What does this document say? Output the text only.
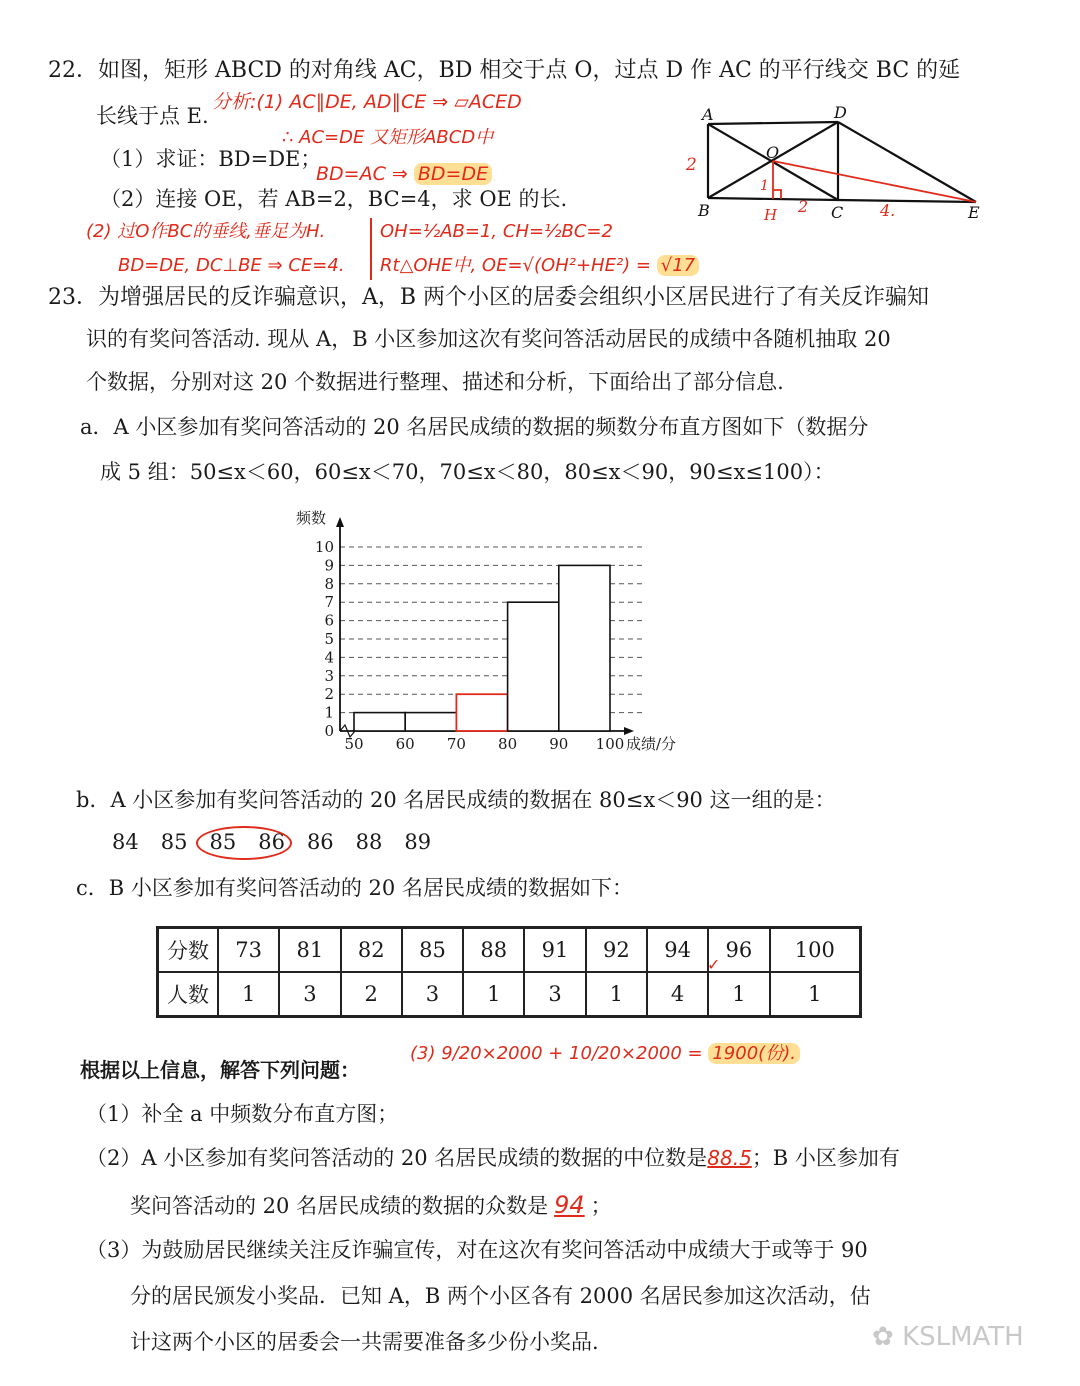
22．如图，矩形 ABCD 的对角线 AC，BD 相交于点 O，过点 D 作 AC 的平行线交 BC 的延
长线于点 E.
（1）求证：BD=DE；
（2）连接 OE，若 AB=2，BC=4，求 OE 的长.
分析:(1) AC∥DE, AD∥CE ⇒ ▱ACED
∴ AC=DE 又矩形ABCD中
BD=AC ⇒ BD=DE
(2) 过O作BC的垂线,垂足为H.
BD=DE, DC⊥BE ⇒ CE=4.
OH=½AB=1, CH=½BC=2
Rt△OHE中, OE=√(OH²+HE²) = √17
A	D
O
B	C	E
H
2
1
2	4.
23．为增强居民的反诈骗意识，A，B 两个小区的居委会组织小区居民进行了有关反诈骗知
识的有奖问答活动. 现从 A，B 小区参加这次有奖问答活动居民的成绩中各随机抽取 20
个数据，分别对这 20 个数据进行整理、描述和分析，下面给出了部分信息.
a．A 小区参加有奖问答活动的 20 名居民成绩的数据的频数分布直方图如下（数据分
成 5 组：50≤x＜60，60≤x＜70，70≤x＜80，80≤x＜90，90≤x≤100）：
频数
成绩/分
0
1
2
3
4
5
6
7
8
9
10
50 60 70 80 90 100
b．A 小区参加有奖问答活动的 20 名居民成绩的数据在 80≤x＜90 这一组的是：
84 85 85 86 86 88 89
c．B 小区参加有奖问答活动的 20 名居民成绩的数据如下：
分数	73	81	82	85	88	91	92	94	96	100
人数	1	3	2	3	1	3	1	4	1	1
✓
根据以上信息，解答下列问题：
(3) 9/20×2000 + 10/20×2000 = 1900(份).
（1）补全 a 中频数分布直方图；
（2）A 小区参加有奖问答活动的 20 名居民成绩的数据的中位数是88.5；B 小区参加有
奖问答活动的 20 名居民成绩的数据的众数是 94 ；
（3）为鼓励居民继续关注反诈骗宣传，对在这次有奖问答活动中成绩大于或等于 90
分的居民颁发小奖品．已知 A，B 两个小区各有 2000 名居民参加这次活动，估
计这两个小区的居委会一共需要准备多少份小奖品.	✿ KSLMATH
